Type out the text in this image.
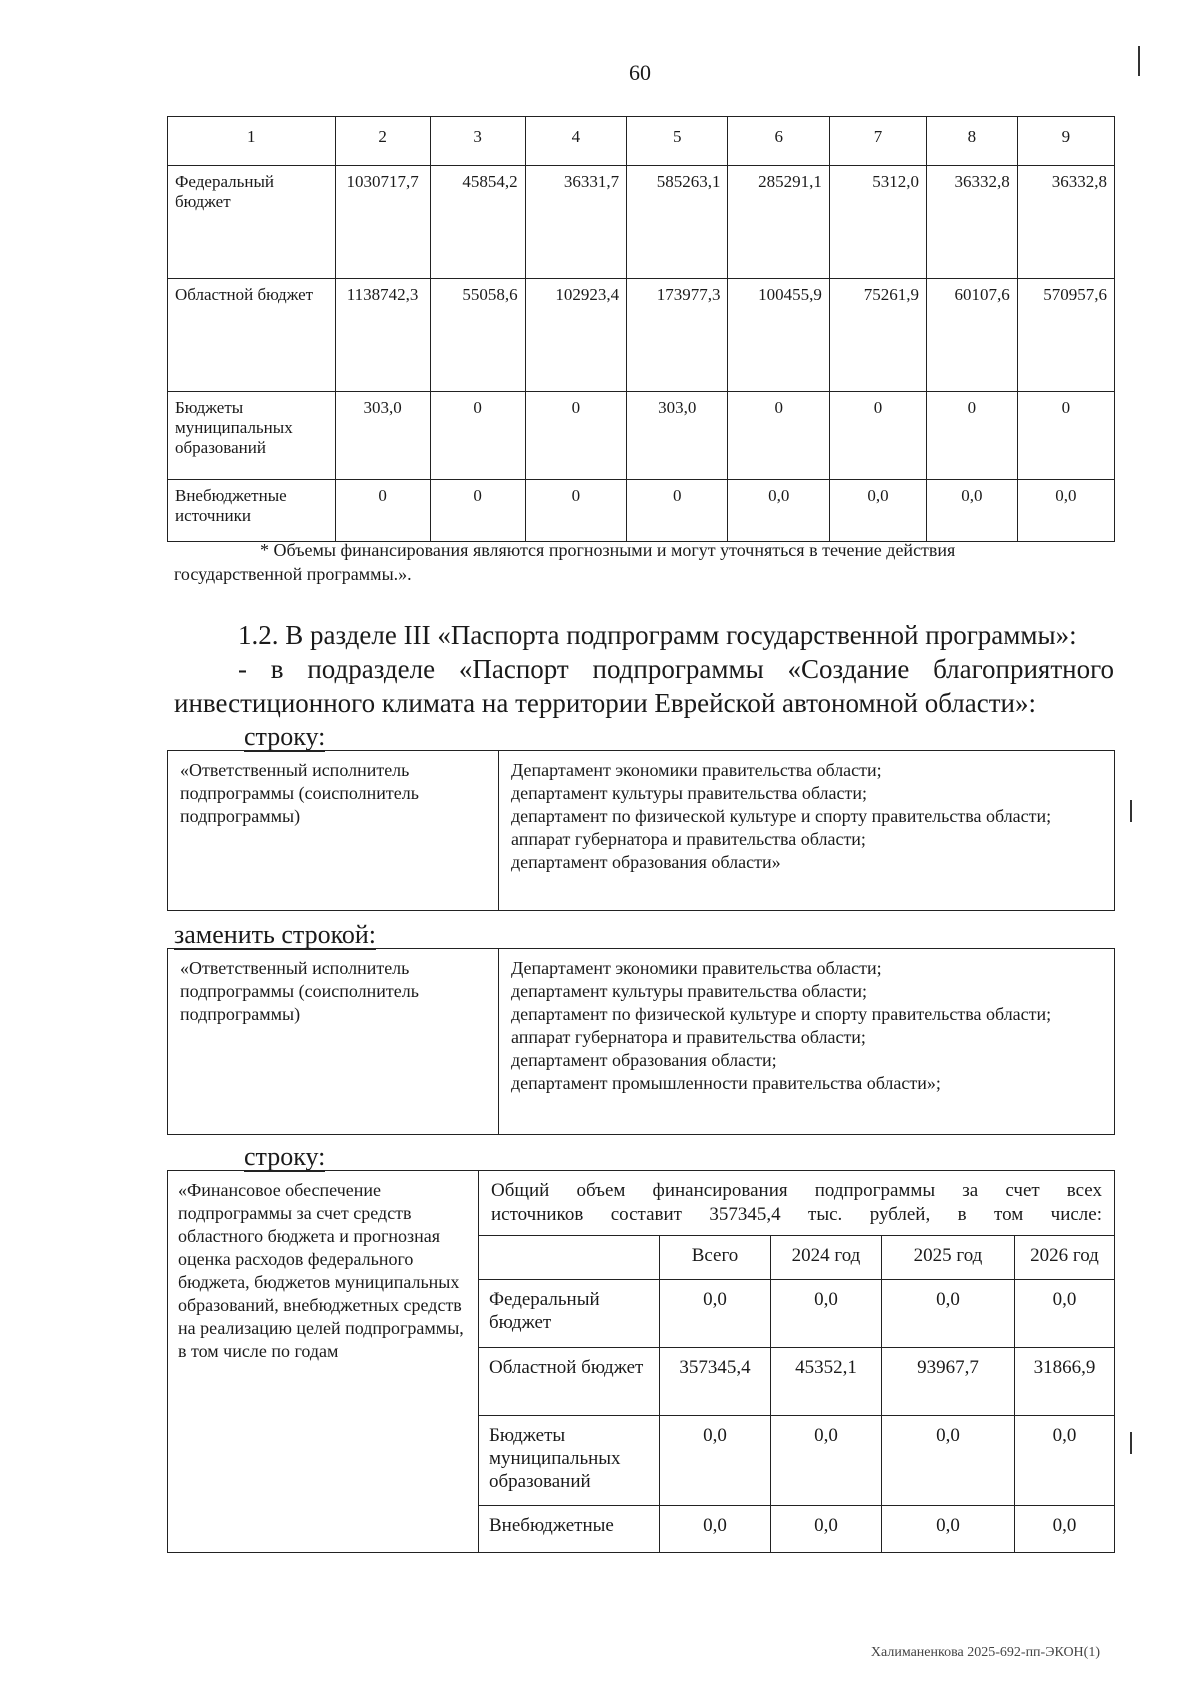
60
1	2	3	4	5	6	7	8	9
Федеральный бюджет	1030717,7	45854,2	36331,7	585263,1	285291,1	5312,0	36332,8	36332,8
Областной бюджет	1138742,3	55058,6	102923,4	173977,3	100455,9	75261,9	60107,6	570957,6
Бюджеты муниципальных образований	303,0	0	0	303,0	0	0	0	0
Внебюджетные источники	0	0	0	0	0,0	0,0	0,0	0,0
* Объемы финансирования являются прогнозными и могут уточняться в течение действия
государственной программы.».
1.2. В разделе III «Паспорта подпрограмм государственной программы»:
- в подразделе «Паспорт подпрограммы «Создание благоприятного инвестиционного климата на территории Еврейской автономной области»:
строку:
«Ответственный исполнитель подпрограммы (соисполнитель подпрограммы)	
Департамент экономики правительства области;
департамент культуры правительства области;
департамент по физической культуре и спорту правительства области;
аппарат губернатора и правительства области;
департамент образования области»
заменить строкой:
«Ответственный исполнитель подпрограммы (соисполнитель подпрограммы)	
Департамент экономики правительства области;
департамент культуры правительства области;
департамент по физической культуре и спорту правительства области;
аппарат губернатора и правительства области;
департамент образования области;
департамент промышленности правительства области»;
строку:
«Финансовое обеспечение подпрограммы за счет средств областного бюджета и прогнозная оценка расходов федерального бюджета, бюджетов муниципальных образований, внебюджетных средств на реализацию целей подпрограммы, в том числе по годам	
Общий объем финансирования подпрограммы за счет всех
источников составит 357345,4 тыс. рублей, в том числе:
	Всего	2024 год	2025 год	2026 год
Федеральный бюджет	0,0	0,0	0,0	0,0
Областной бюджет	357345,4	45352,1	93967,7	31866,9
Бюджеты муниципальных образований	0,0	0,0	0,0	0,0
Внебюджетные	0,0	0,0	0,0	0,0
Халиманенкова 2025-692-пп-ЭКОН(1)
